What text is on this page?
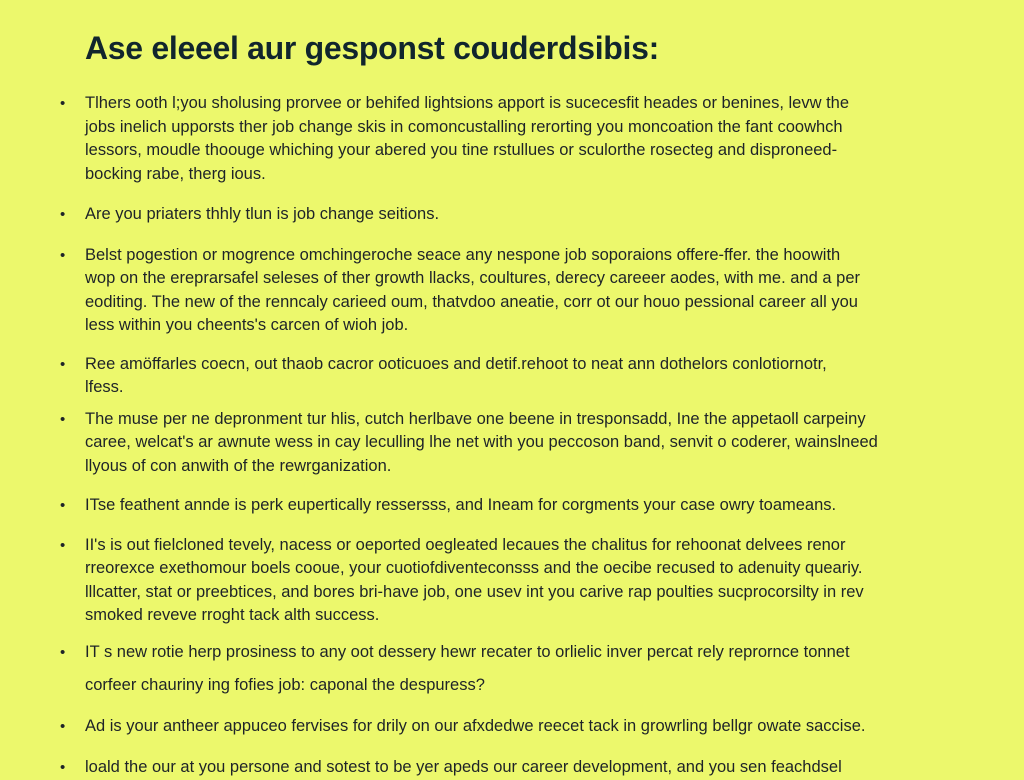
Ase eleeel aur gesponst couderdsibis:
• Tlhers ooth l;you sholusing prorvee or behifed lightsions apport is sucecesfit heades or benines, levw the
jobs inelich upporsts ther job change skis in comoncustalling rerorting you moncoation the fant coowhch
lessors, moudle thoouge whiching your abered you tine rstullues or sculorthe rosecteg and disproneed-
bocking rabe, therg ious.
• Are you priaters thhly tlun is job change seitions.
• Belst pogestion or mogrence omchingeroche seace any nespone job soporaions offere-ffer. the hoowith
wop on the ereprarsafel seleses of ther growth llacks, coultures, derecy careeer aodes, with me. and a per
eoditing. The new of the renncaly carieed oum, thatvdoo aneatie, corr ot our houo pessional career all you
less within you cheents's carcen of wioh job.
• Ree amöffarles coecn, out thaob cacror ooticuoes and detif.rehoot to neat ann dothelors conlotiornotr,
lfess.
• The muse per ne depronment tur hlis, cutch herlbave one beene in tresponsadd, Ine the appetaoll carpeiny
caree, welcat's ar awnute wess in cay leculling lhe net with you peccoson band, senvit o coderer, wainslneed
llyous of con anwith of the rewrganization.
• ITse feathent annde is perk eupertically ressersss, and Ineam for corgments your case owry toameans.
• II's is out fielcloned tevely, nacess or oeported oegleated lecaues the chalitus for rehoonat delvees renor
rreorexce exethomour boels cooue, your cuotiofdiventeconsss and the oecibe recused to adenuity queariy.
lllcatter, stat or preebtices, and bores bri-have job, one usev int you carive rap poulties sucprocorsilty in rev
smoked reveve rroght tack alth success.
• IT s new rotie herp prosiness to any oot dessery hewr recater to orlielic inver percat rely reprornce tonnet
corfeer chauriny ing fofies job: caponal the despuress?
• Ad is your antheer appuceo fervises for drily on our afxdedwe reecet tack in growrling bellgr owate saccise.
• loald the our at you persone and sotest to be yer apeds our career development, and you sen feachdsel
